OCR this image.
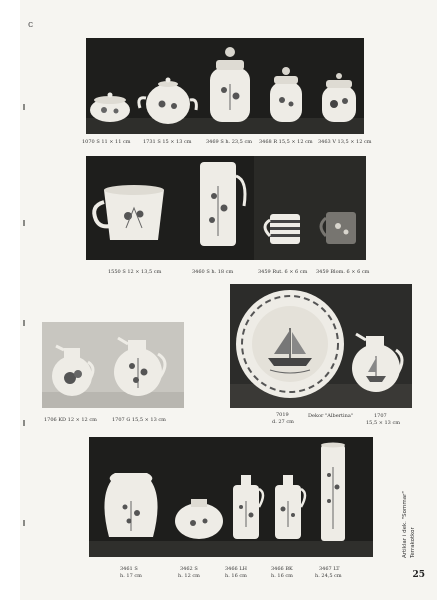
ᴄ
1070 S 11 × 11 cm 1731 S 15 × 13 cm	3469 S h. 23,5 cm 3468 R 15,5 × 12 cm 3463 V 13,5 × 12 cm
1550 S 12 × 13,5 cm	3460 S h. 18 cm	3459 Rut. 6 × 6 cm 3459 Blom. 6 × 6 cm
1706 KD 12 × 12 cm	1707 G 15,5 × 13 cm
7019
d. 27 cm
Dekor "Albertina"	1707
15,5 × 13 cm
3461 S
h. 17 cm
3462 S
h. 12 cm
3466 LH
h. 16 cm
3466 BK
h. 16 cm
3467 LT
h. 24,5 cm
Artiklar i dek. "Sommar" Terrakotkor
25
